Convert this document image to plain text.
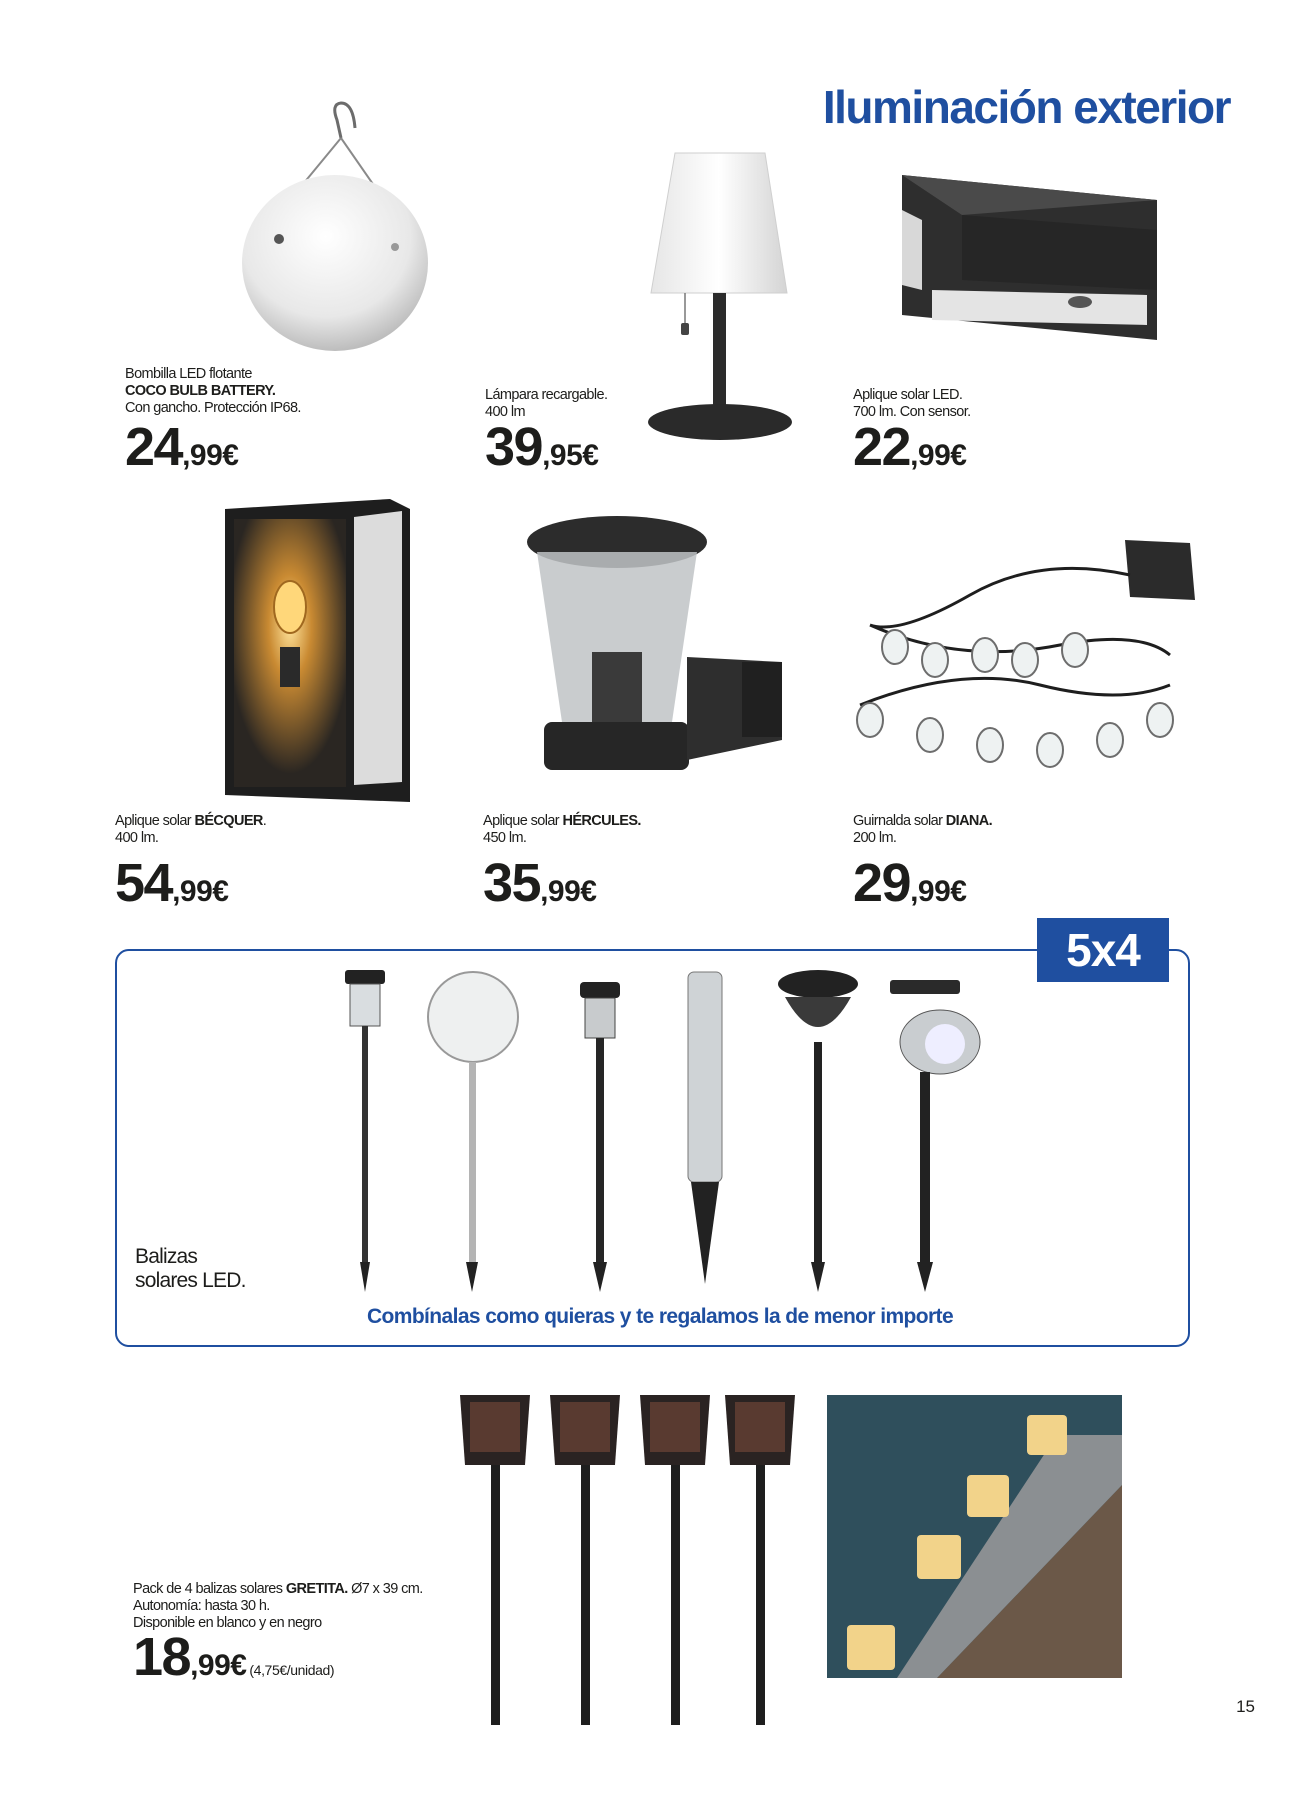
Iluminación exterior
Bombilla LED flotante
COCO BULB BATTERY.
Con gancho. Protección IP68.
24,99€
Lámpara recargable.
400 lm
39,95€
Aplique solar LED.
700 lm. Con sensor.
22,99€
Aplique solar BÉCQUER.
400 lm.
54,99€
Aplique solar HÉRCULES.
450 lm.
35,99€
Guirnalda solar DIANA.
200 lm.
29,99€
5x4
Balizas
solares LED.
Combínalas como quieras y te regalamos la de menor importe
Pack de 4 balizas solares GRETITA. Ø7 x 39 cm.
Autonomía: hasta 30 h.
Disponible en blanco y en negro
18,99€ (4,75€/unidad)
15
